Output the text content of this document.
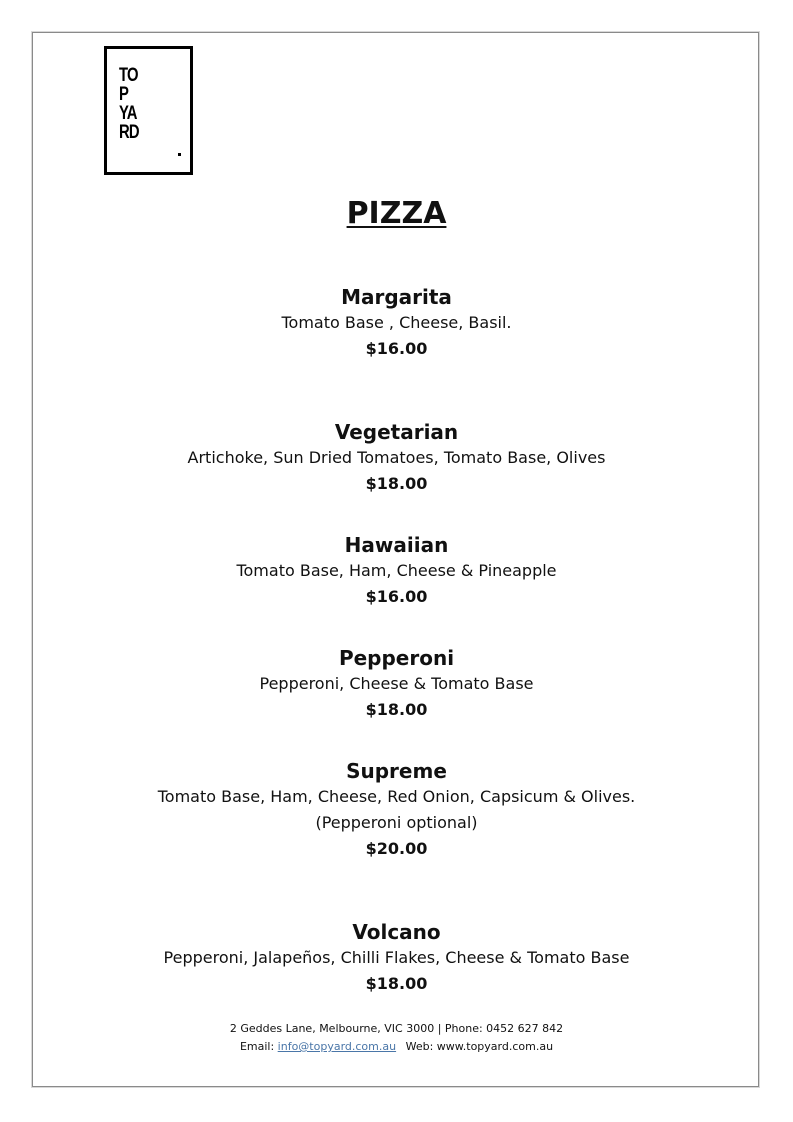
TO
P
YA
RD
PIZZA
Margarita
Tomato Base , Cheese, Basil.
$16.00
Vegetarian
Artichoke, Sun Dried Tomatoes, Tomato Base, Olives
$18.00
Hawaiian
Tomato Base, Ham, Cheese & Pineapple
$16.00
Pepperoni
Pepperoni, Cheese & Tomato Base
$18.00
Supreme
Tomato Base, Ham, Cheese, Red Onion, Capsicum & Olives.
(Pepperoni optional)
$20.00
Volcano
Pepperoni, Jalapeños, Chilli Flakes, Cheese & Tomato Base
$18.00
2 Geddes Lane, Melbourne, VIC 3000 | Phone: 0452 627 842
Email: info@topyard.com.au Web: www.topyard.com.au
